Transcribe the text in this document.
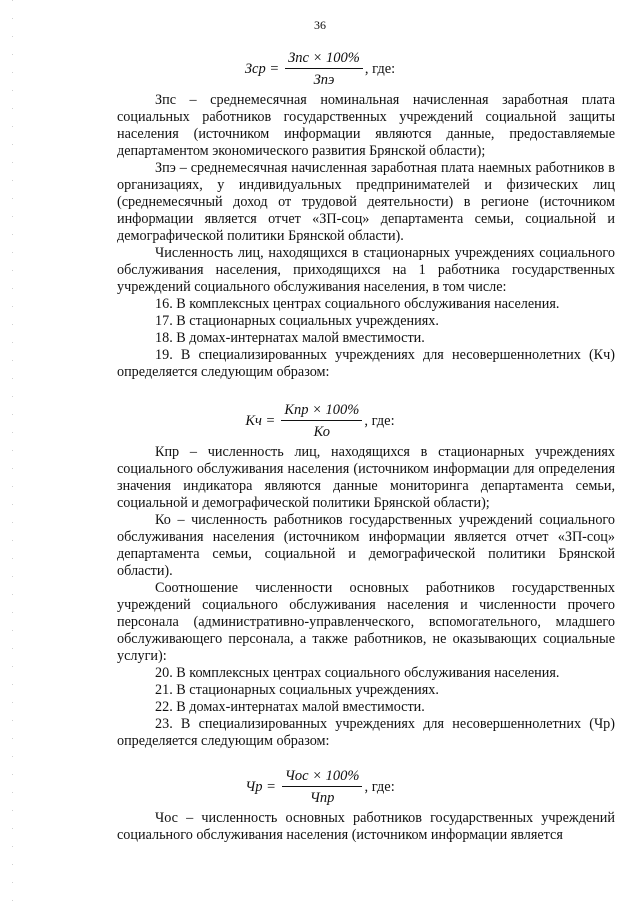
36
Зср = $\frac{\text{Зпс × 100\%}}{\text{Зпэ}}$ , где:

Зпс – среднемесячная номинальная начисленная заработная плата социальных работников государственных учреждений социальной защиты населения (источником информации являются данные, предоставляемые департаментом экономического развития Брянской области);

Зпэ – среднемесячная начисленная заработная плата наемных работников в организациях, у индивидуальных предпринимателей и физических лиц (среднемесячный доход от трудовой деятельности) в регионе (источником информации является отчет «ЗП-соц» департамента семьи, социальной и демографической политики Брянской области).

Численность лиц, находящихся в стационарных учреждениях социального обслуживания населения, приходящихся на 1 работника государственных учреждений социального обслуживания населения, в том числе:

16. В комплексных центрах социального обслуживания населения.

17. В стационарных социальных учреждениях.

18. В домах-интернатах малой вместимости.

19. В специализированных учреждениях для несовершеннолетних (Кч) определяется следующим образом:

Кч = $\frac{\text{Кпр × 100\%}}{Ко}$ , где:

Кпр – численность лиц, находящихся в стационарных учреждениях социального обслуживания населения (источником информации для определения значения индикатора являются данные мониторинга департамента семьи, социальной и демографической политики Брянской области);

Ко – численность работников государственных учреждений социального обслуживания населения (источником информации является отчет «ЗП-соц» департамента семьи, социальной и демографической политики Брянской области).

Соотношение численности основных работников государственных учреждений социального обслуживания населения и численности прочего персонала (административно-управленческого, вспомогательного, младшего обслуживающего персонала, а также работников, не оказывающих социальные услуги):

20. В комплексных центрах социального обслуживания населения.

21. В стационарных социальных учреждениях.

22. В домах-интернатах малой вместимости.

23. В специализированных учреждениях для несовершеннолетних (Чр) определяется следующим образом:

Чр = $\frac{\text{Чос × 100\%}}{\text{Чпр}}$ , где:

Чос – численность основных работников государственных учреждений социального обслуживания населения (источником информации является
